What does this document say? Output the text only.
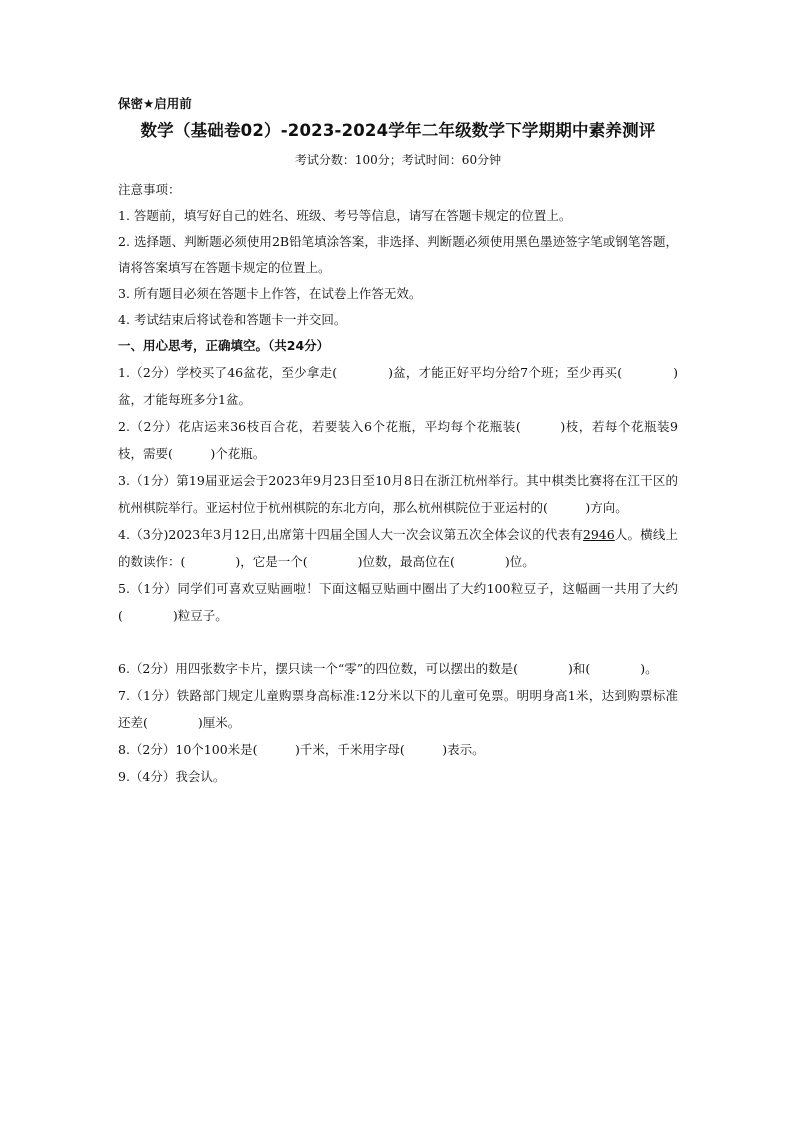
保密★启用前
数学（基础卷02）-2023-2024学年二年级数学下学期期中素养测评
考试分数：100分；考试时间：60分钟
注意事项：
1. 答题前，填写好自己的姓名、班级、考号等信息，请写在答题卡规定的位置上。
2. 选择题、判断题必须使用2B铅笔填涂答案，非选择、判断题必须使用黑色墨迹签字笔或钢笔答题，请将答案填写在答题卡规定的位置上。
3. 所有题目必须在答题卡上作答，在试卷上作答无效。
4. 考试结束后将试卷和答题卡一并交回。
一、用心思考，正确填空。（共24分）
1.（2分）学校买了46盆花，至少拿走(　　　　)盆，才能正好平均分给7个班；至少再买(　　　　)盆，才能每班多分1盆。
2.（2分）花店运来36枝百合花，若要装入6个花瓶，平均每个花瓶装(　　　)枝，若每个花瓶装9枝，需要(　　　)个花瓶。
3.（1分）第19届亚运会于2023年9月23日至10月8日在浙江杭州举行。其中棋类比赛将在江干区的杭州棋院举行。亚运村位于杭州棋院的东北方向，那么杭州棋院位于亚运村的(　　　)方向。
4.（3分)2023年3月12日,出席第十四届全国人大一次会议第五次全体会议的代表有2946人。横线上的数读作：(　　　　)，它是一个(　　　　)位数，最高位在(　　　　)位。
5.（1分）同学们可喜欢豆贴画啦！下面这幅豆贴画中圈出了大约100粒豆子，这幅画一共用了大约(　　　　)粒豆子。
6.（2分）用四张数字卡片，摆只读一个“零”的四位数，可以摆出的数是(　　　　)和(　　　　)。
7.（1分）铁路部门规定儿童购票身高标准:12分米以下的儿童可免票。明明身高1米，达到购票标准还差(　　　　)厘米。
8.（2分）10个100米是(　　　)千米，千米用字母(　　　)表示。
9.（4分）我会认。
